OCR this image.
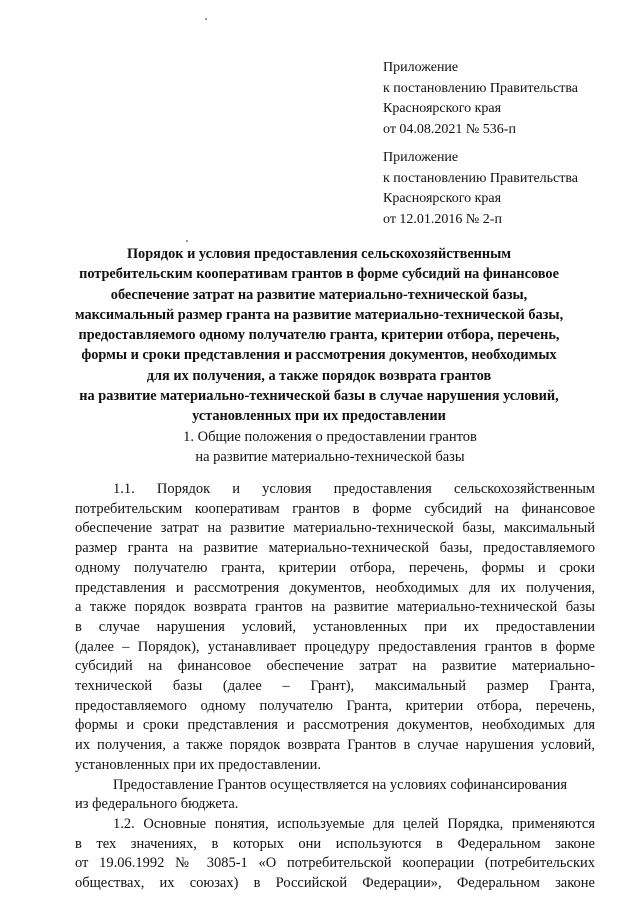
Приложение
к постановлению Правительства
Красноярского края
от 04.08.2021 № 536-п
Приложение
к постановлению Правительства
Красноярского края
от 12.01.2016 № 2-п
Порядок и условия предоставления сельскохозяйственным
потребительским кооперативам грантов в форме субсидий на финансовое
обеспечение затрат на развитие материально-технической базы,
максимальный размер гранта на развитие материально-технической базы,
предоставляемого одному получателю гранта, критерии отбора, перечень,
формы и сроки представления и рассмотрения документов, необходимых
для их получения, а также порядок возврата грантов
на развитие материально-технической базы в случае нарушения условий,
установленных при их предоставлении
1. Общие положения о предоставлении грантов
на развитие материально-технической базы
1.1. Порядок и условия предоставления сельскохозяйственным
потребительским кооперативам грантов в форме субсидий на финансовое
обеспечение затрат на развитие материально-технической базы, максимальный
размер гранта на развитие материально-технической базы, предоставляемого
одному получателю гранта, критерии отбора, перечень, формы и сроки
представления и рассмотрения документов, необходимых для их получения,
а также порядок возврата грантов на развитие материально-технической базы
в случае нарушения условий, установленных при их предоставлении
(далее – Порядок), устанавливает процедуру предоставления грантов в форме
субсидий на финансовое обеспечение затрат на развитие материально-
технической базы (далее – Грант), максимальный размер Гранта,
предоставляемого одному получателю Гранта, критерии отбора, перечень,
формы и сроки представления и рассмотрения документов, необходимых для
их получения, а также порядок возврата Грантов в случае нарушения условий,
установленных при их предоставлении.
Предоставление Грантов осуществляется на условиях софинансирования
из федерального бюджета.
1.2. Основные понятия, используемые для целей Порядка, применяются
в тех значениях, в которых они используются в Федеральном законе
от 19.06.1992 № 3085-1 «О потребительской кооперации (потребительских
обществах, их союзах) в Российской Федерации», Федеральном законе
